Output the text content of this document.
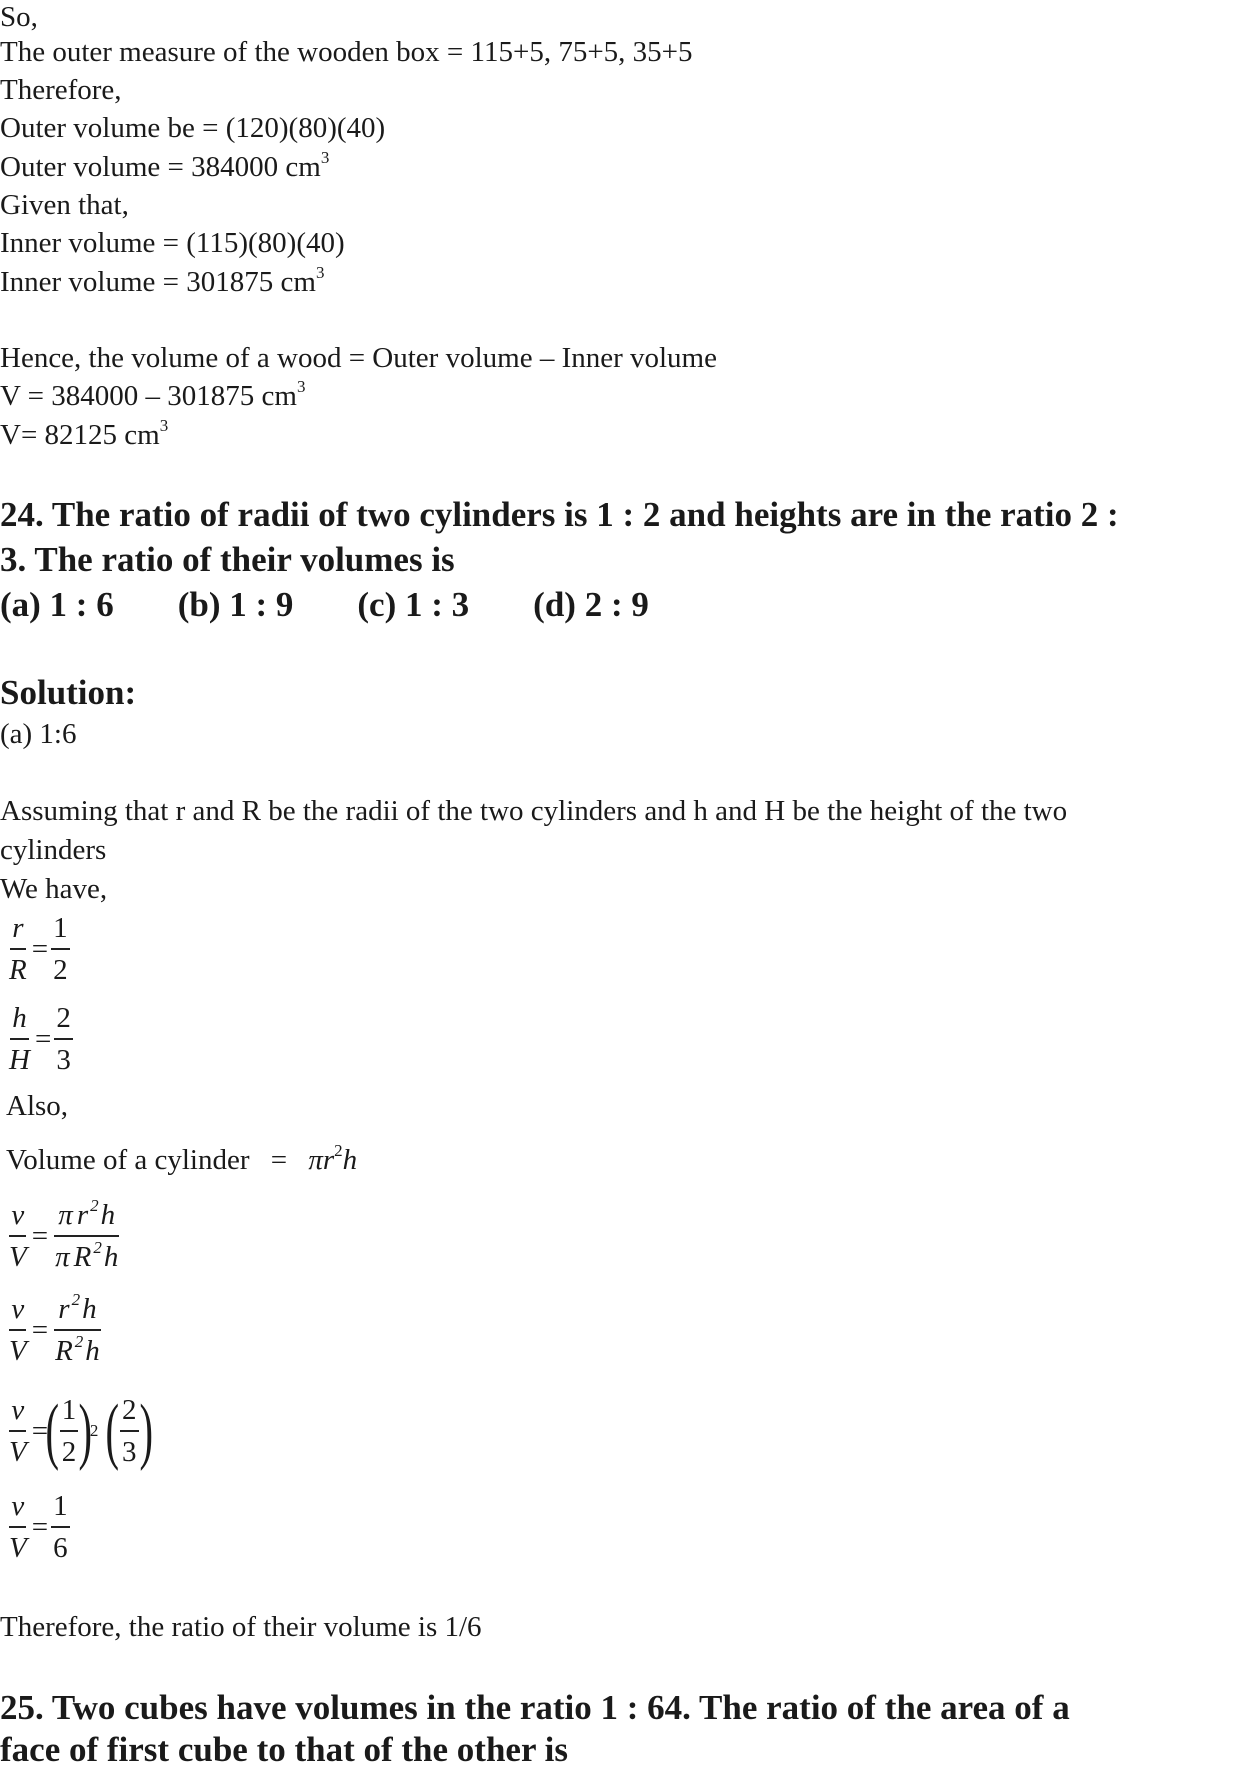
So,
The outer measure of the wooden box = 115+5, 75+5, 35+5
Therefore,
Outer volume be = (120)(80)(40)
Outer volume = 384000 $cm^3$
Given that,
Inner volume = (115)(80)(40)
Inner volume = 301875 $cm^3$
Hence, the volume of a wood = Outer volume – Inner volume
V = 384000 – 301875 $cm^3$
V= 82125 $cm^3$
24. The ratio of radii of two cylinders is 1 : 2 and heights are in the ratio 2 :
3. The ratio of their volumes is
(a) 1 : 6 (b) 1 : 9 (c) 1 : 3 (d) 2 : 9
Solution:
(a) 1:6
Assuming that r and R be the radii of the two cylinders and h and H be the height of the two
cylinders
We have,
$\frac{r}{R} = \frac{1}{2}$
$\frac{h}{H} = \frac{2}{3}$
Also,
Volume of a cylinder = $\pi r^2h$
$\frac{v}{V} = \frac{\pi r ^2h}{\pi R ^2h}$
$\frac{v}{V} = \frac{r ^2h}{R ^2h}$
$\frac{v}{V}$ =
( $\frac{1}{2}$ )
2 ( $\frac{2}{3}$ )
$\frac{v}{V} = \frac{1}{6}$
Therefore, the ratio of their volume is 1/6
25. Two cubes have volumes in the ratio 1 : 64. The ratio of the area of a
face of first cube to that of the other is
